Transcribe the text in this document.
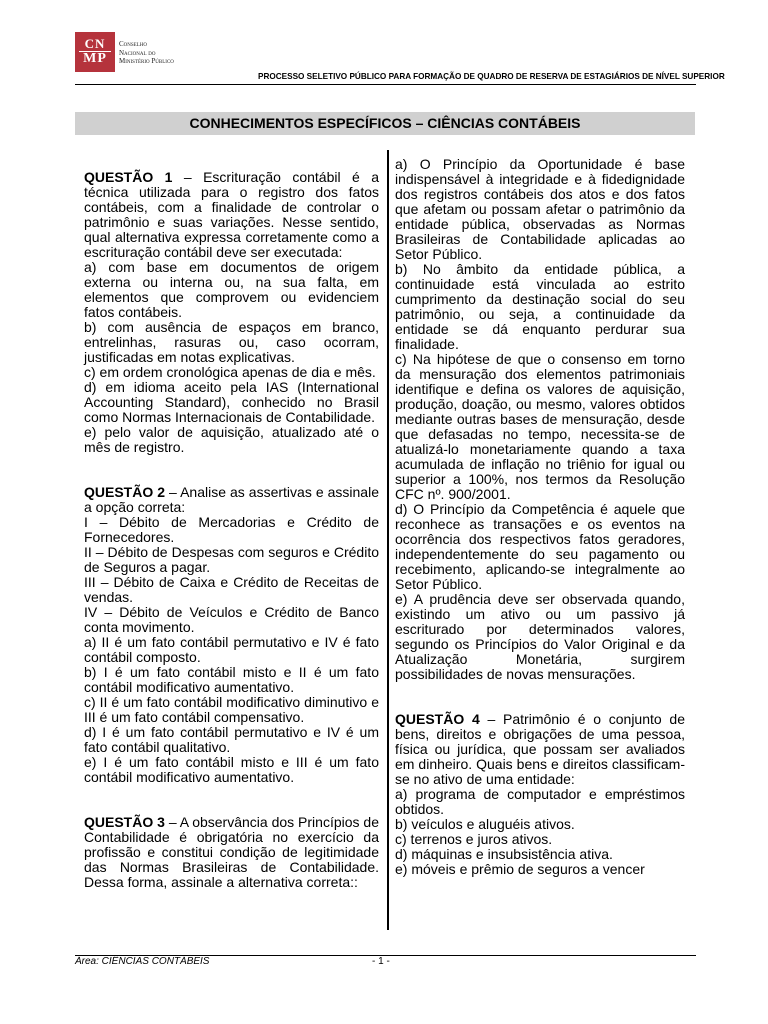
CN
MP
Conselho
Nacional do
Ministério Público
PROCESSO SELETIVO PÚBLICO PARA FORMAÇÃO DE QUADRO DE RESERVA DE ESTAGIÁRIOS DE NÍVEL SUPERIOR
CONHECIMENTOS ESPECÍFICOS – CIÊNCIAS CONTÁBEIS

QUESTÃO 1 – Escrituração contábil é a técnica utilizada para o registro dos fatos contábeis, com a finalidade de controlar o patrimônio e suas variações. Nesse sentido, qual alternativa expressa corretamente como a escrituração contábil deve ser executada:

a) com base em documentos de origem externa ou interna ou, na sua falta, em elementos que comprovem ou evidenciem fatos contábeis.

b) com ausência de espaços em branco, entrelinhas, rasuras ou, caso ocorram, justificadas em notas explicativas.

c) em ordem cronológica apenas de dia e mês.

d) em idioma aceito pela IAS (International Accounting Standard), conhecido no Brasil como Normas Internacionais de Contabilidade.

e) pelo valor de aquisição, atualizado até o mês de registro.

QUESTÃO 2 – Analise as assertivas e assinale a opção correta:

I – Débito de Mercadorias e Crédito de Fornecedores.

II – Débito de Despesas com seguros e Crédito de Seguros a pagar.

III – Débito de Caixa e Crédito de Receitas de vendas.

IV – Débito de Veículos e Crédito de Banco conta movimento.

a) II é um fato contábil permutativo e IV é fato contábil composto.

b) I é um fato contábil misto e II é um fato contábil modificativo aumentativo.

c) II é um fato contábil modificativo diminutivo e III é um fato contábil compensativo.

d) I é um fato contábil permutativo e IV é um fato contábil qualitativo.

e) I é um fato contábil misto e III é um fato contábil modificativo aumentativo.

QUESTÃO 3 – A observância dos Princípios de Contabilidade é obrigatória no exercício da profissão e constitui condição de legitimidade das Normas Brasileiras de Contabilidade. Dessa forma, assinale a alternativa correta::

a) O Princípio da Oportunidade é base indispensável à integridade e à fidedignidade dos registros contábeis dos atos e dos fatos que afetam ou possam afetar o patrimônio da entidade pública, observadas as Normas Brasileiras de Contabilidade aplicadas ao Setor Público.

b) No âmbito da entidade pública, a continuidade está vinculada ao estrito cumprimento da destinação social do seu patrimônio, ou seja, a continuidade da entidade se dá enquanto perdurar sua finalidade.

c) Na hipótese de que o consenso em torno da mensuração dos elementos patrimoniais identifique e defina os valores de aquisição, produção, doação, ou mesmo, valores obtidos mediante outras bases de mensuração, desde que defasadas no tempo, necessita-se de atualizá-lo monetariamente quando a taxa acumulada de inflação no triênio for igual ou superior a 100%, nos termos da Resolução CFC nº. 900/2001.

d) O Princípio da Competência é aquele que reconhece as transações e os eventos na ocorrência dos respectivos fatos geradores, independentemente do seu pagamento ou recebimento, aplicando-se integralmente ao Setor Público.

e) A prudência deve ser observada quando, existindo um ativo ou um passivo já escriturado por determinados valores, segundo os Princípios do Valor Original e da Atualização Monetária, surgirem possibilidades de novas mensurações.

QUESTÃO 4 – Patrimônio é o conjunto de bens, direitos e obrigações de uma pessoa, física ou jurídica, que possam ser avaliados em dinheiro. Quais bens e direitos classificam-se no ativo de uma entidade:

a) programa de computador e empréstimos obtidos.

b) veículos e aluguéis ativos.

c) terrenos e juros ativos.

d) máquinas e insubsistência ativa.

e) móveis e prêmio de seguros a vencer

Área: CIÊNCIAS CONTÁBEIS	- 1 -
